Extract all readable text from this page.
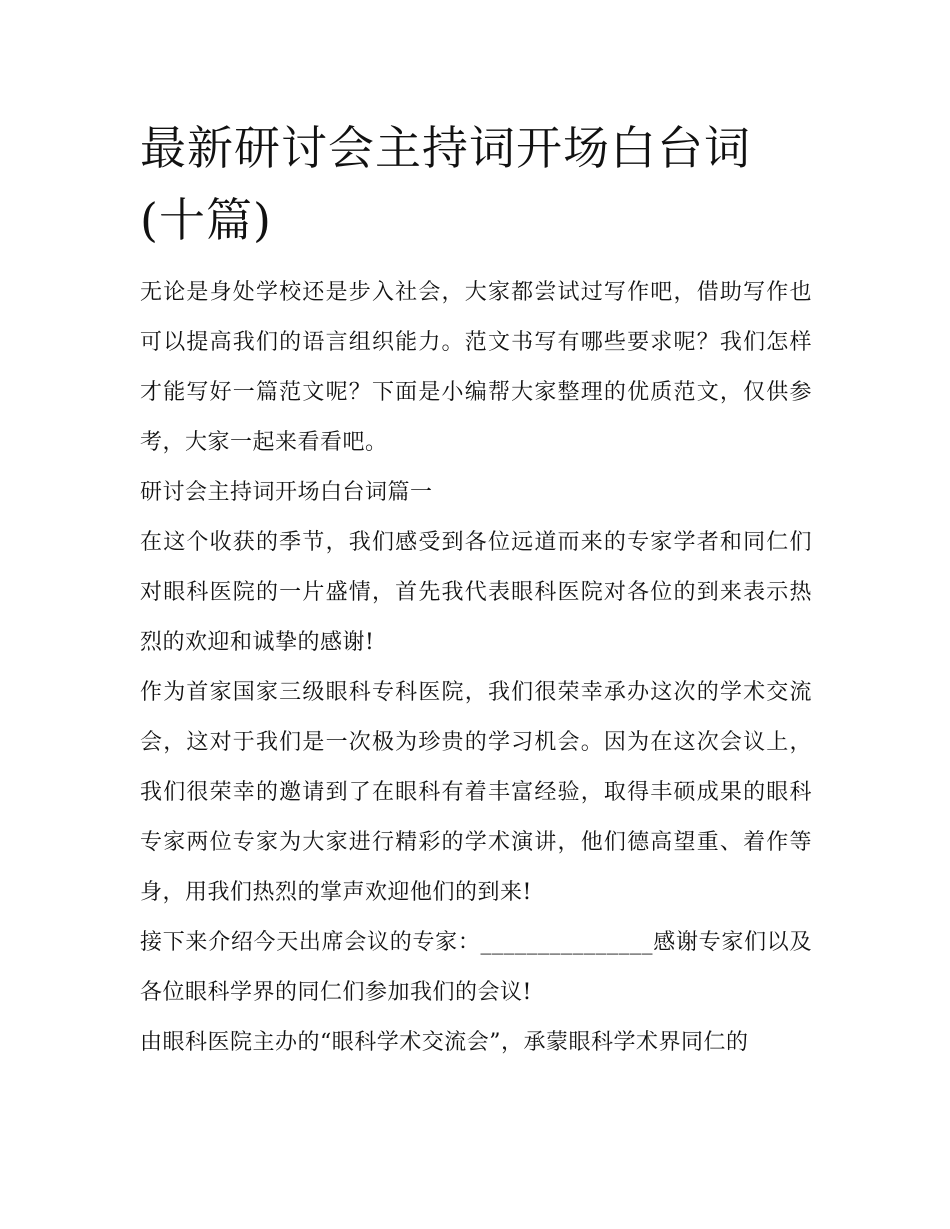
最新研讨会主持词开场白台词(十篇)

无论是身处学校还是步入社会，大家都尝试过写作吧，借助写作也可以提高我们的语言组织能力。范文书写有哪些要求呢？我们怎样才能写好一篇范文呢？下面是小编帮大家整理的优质范文，仅供参考，大家一起来看看吧。

研讨会主持词开场白台词篇一

在这个收获的季节，我们感受到各位远道而来的专家学者和同仁们对眼科医院的一片盛情，首先我代表眼科医院对各位的到来表示热烈的欢迎和诚挚的感谢!

作为首家国家三级眼科专科医院，我们很荣幸承办这次的学术交流会，这对于我们是一次极为珍贵的学习机会。因为在这次会议上，我们很荣幸的邀请到了在眼科有着丰富经验，取得丰硕成果的眼科专家两位专家为大家进行精彩的学术演讲，他们德高望重、着作等身，用我们热烈的掌声欢迎他们的到来!

接下来介绍今天出席会议的专家：_______________感谢专家们以及各位眼科学界的同仁们参加我们的会议!

由眼科医院主办的“眼科学术交流会”，承蒙眼科学术界同仁的
